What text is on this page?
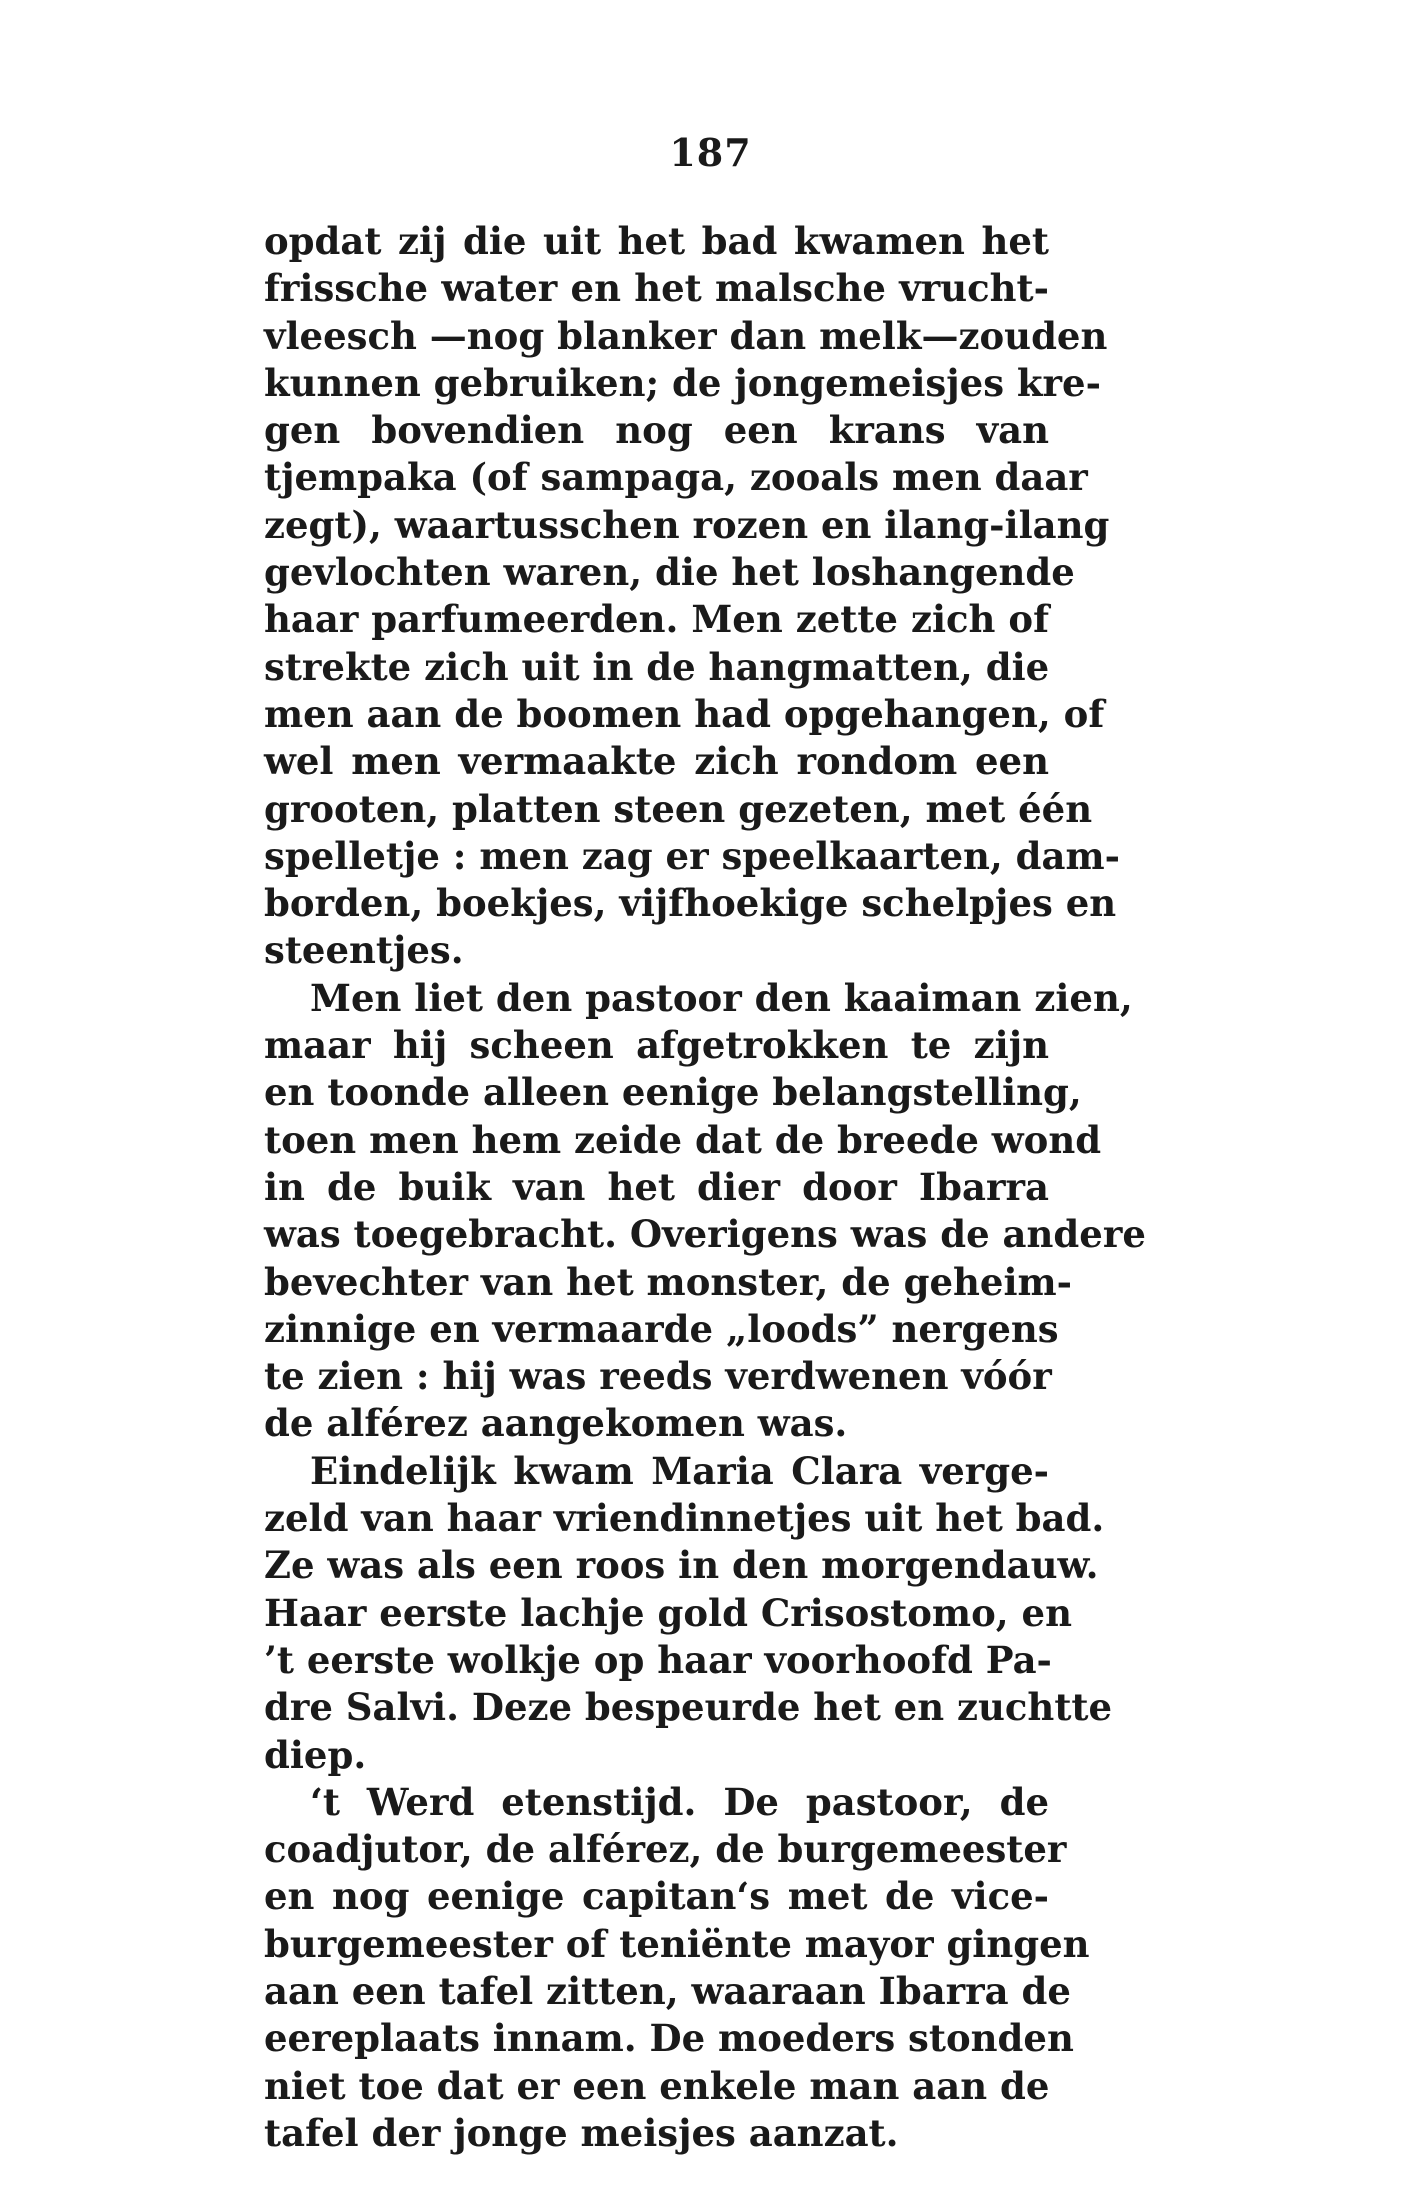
187
opdat zij die uit het bad kwamen het
frissche water en het malsche vrucht-
vleesch —nog blanker dan melk—zouden
kunnen gebruiken; de jongemeisjes kre-
gen bovendien nog een krans van
tjempaka (of sampaga, zooals men daar
zegt), waartusschen rozen en ilang-ilang
gevlochten waren, die het loshangende
haar parfumeerden. Men zette zich of
strekte zich uit in de hangmatten, die
men aan de boomen had opgehangen, of
wel men vermaakte zich rondom een
grooten, platten steen gezeten, met één
spelletje : men zag er speelkaarten, dam-
borden, boekjes, vijfhoekige schelpjes en
steentjes.
Men liet den pastoor den kaaiman zien,
maar hij scheen afgetrokken te zijn
en toonde alleen eenige belangstelling,
toen men hem zeide dat de breede wond
in de buik van het dier door Ibarra
was toegebracht. Overigens was de andere
bevechter van het monster, de geheim-
zinnige en vermaarde „loods” nergens
te zien : hij was reeds verdwenen vóór
de alférez aangekomen was.
Eindelijk kwam Maria Clara vergе-
zeld van haar vriendinnetjes uit het bad.
Ze was als een roos in den morgendauw.
Haar eerste lachje gold Crisostomo, en
’t eerste wolkje op haar voorhoofd Pa-
dre Salvi. Deze bespeurde het en zuchtte
diep.
‘t Werd etenstijd. De pastoor, de
coadjutor, de alférez, de burgemeester
en nog eenige capitan‘s met de vice-
burgemeester of teniënte mayor gingen
aan een tafel zitten, waaraan Ibarra de
eereplaats innam. De moeders stonden
niet toe dat er een enkele man aan de
tafel der jonge meisjes aanzat.
